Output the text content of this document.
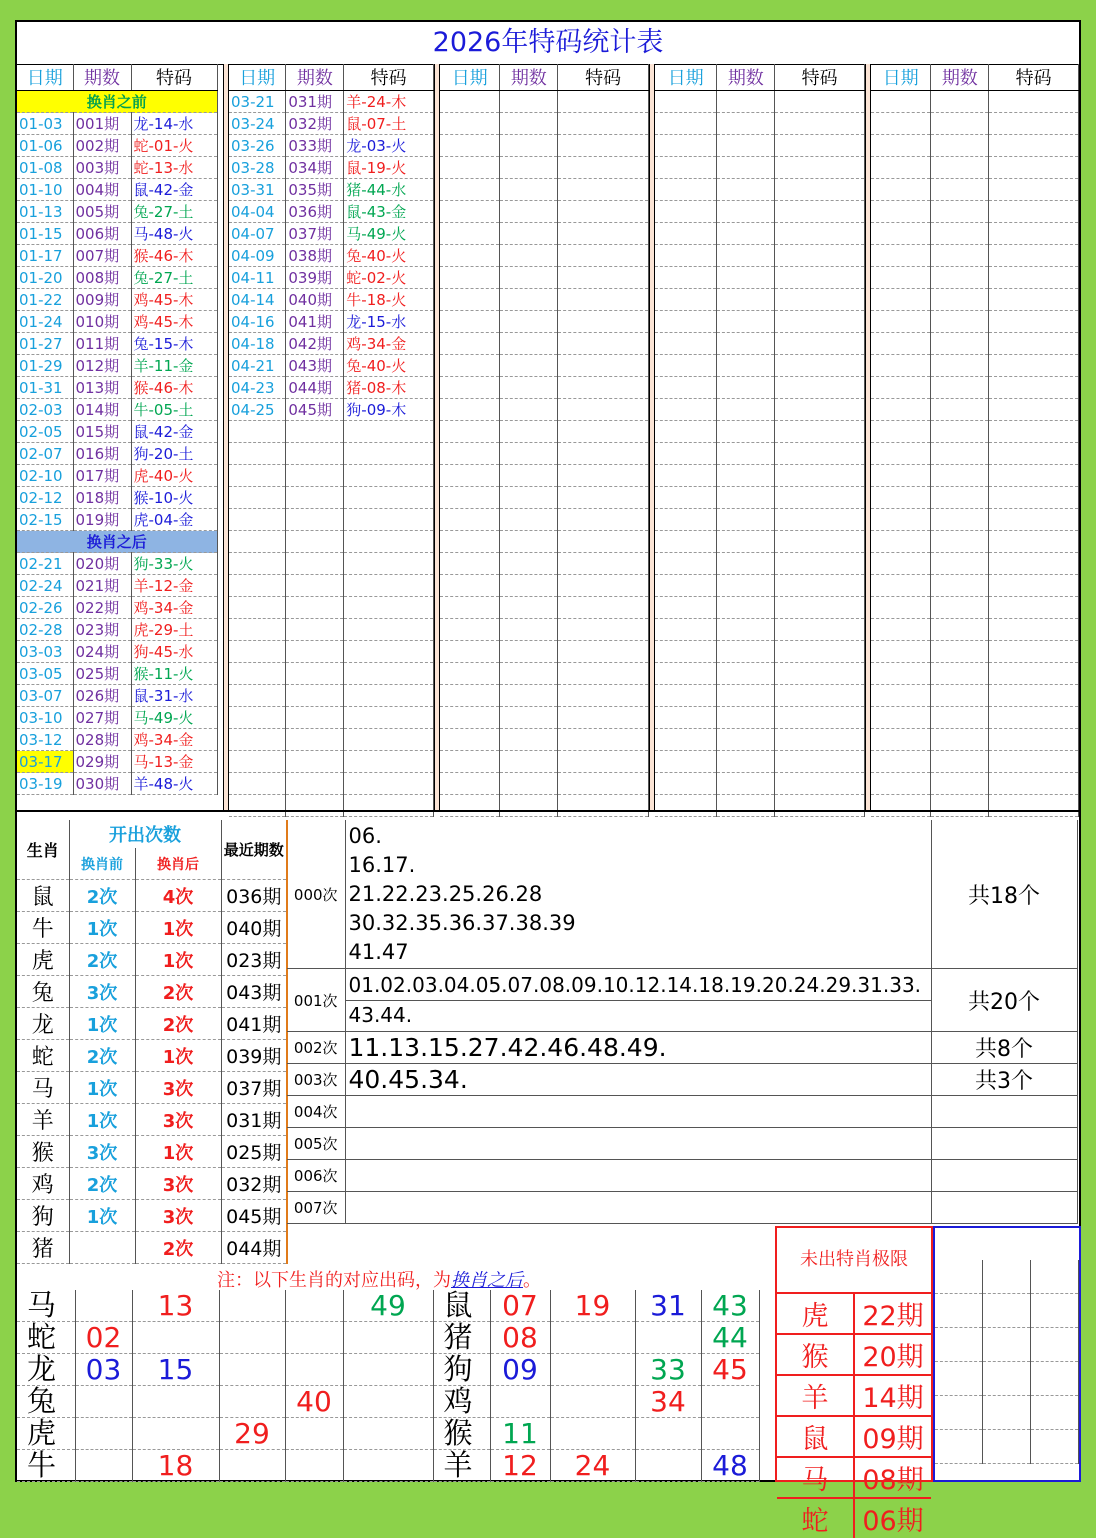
2026年特码统计表
日期	期数	特码
换肖之前		
01-03	001期	龙-14-水
01-06	002期	蛇-01-火
01-08	003期	蛇-13-水
01-10	004期	鼠-42-金
01-13	005期	兔-27-土
01-15	006期	马-48-火
01-17	007期	猴-46-木
01-20	008期	兔-27-土
01-22	009期	鸡-45-木
01-24	010期	鸡-45-木
01-27	011期	兔-15-木
01-29	012期	羊-11-金
01-31	013期	猴-46-木
02-03	014期	牛-05-土
02-05	015期	鼠-42-金
02-07	016期	狗-20-土
02-10	017期	虎-40-火
02-12	018期	猴-10-火
02-15	019期	虎-04-金
换肖之后		
02-21	020期	狗-33-火
02-24	021期	羊-12-金
02-26	022期	鸡-34-金
02-28	023期	虎-29-土
03-03	024期	狗-45-水
03-05	025期	猴-11-火
03-07	026期	鼠-31-水
03-10	027期	马-49-火
03-12	028期	鸡-34-金
03-17	029期	马-13-金
03-19	030期	羊-48-火
日期	期数	特码
03-21	031期	羊-24-木
03-24	032期	鼠-07-土
03-26	033期	龙-03-火
03-28	034期	鼠-19-火
03-31	035期	猪-44-水
04-04	036期	鼠-43-金
04-07	037期	马-49-火
04-09	038期	兔-40-火
04-11	039期	蛇-02-火
04-14	040期	牛-18-火
04-16	041期	龙-15-水
04-18	042期	鸡-34-金
04-21	043期	兔-40-火
04-23	044期	猪-08-木
04-25	045期	狗-09-木

日期	期数	特码

			日期	期数	特码

			日期	期数	特码

生肖	开出次数		最近期数
	换肖前	换肖后	
鼠	2次	4次	036期
牛	1次	1次	040期
虎	2次	1次	023期
兔	3次	2次	043期
龙	1次	2次	041期
蛇	2次	1次	039期
马	1次	3次	037期
羊	1次	3次	031期
猴	3次	1次	025期
鸡	2次	3次	032期
狗	1次	3次	045期
猪		2次	044期
000次	06.
16.17.
21.22.23.25.26.28
30.32.35.36.37.38.39
41.47	共18个
001次	01.02.03.04.05.07.08.09.10.12.14.18.19.20.24.29.31.33.
43.44.	共20个
002次	11.13.15.27.42.46.48.49.	共8个
003次	40.45.34.	共3个
004次		
005次		
006次		
007次		
注：以下生肖的对应出码，为换肖之后。
马		13			49	鼠	07	19	31	43
蛇	02					猪	08			44
龙	03	15				狗	09		33	45
兔				40		鸡			34	
虎			29			猴	11			
牛		18				羊	12	24		48
未出特肖极限
虎	22期
猴	20期
羊	14期
鼠	09期
马	08期
蛇	06期
